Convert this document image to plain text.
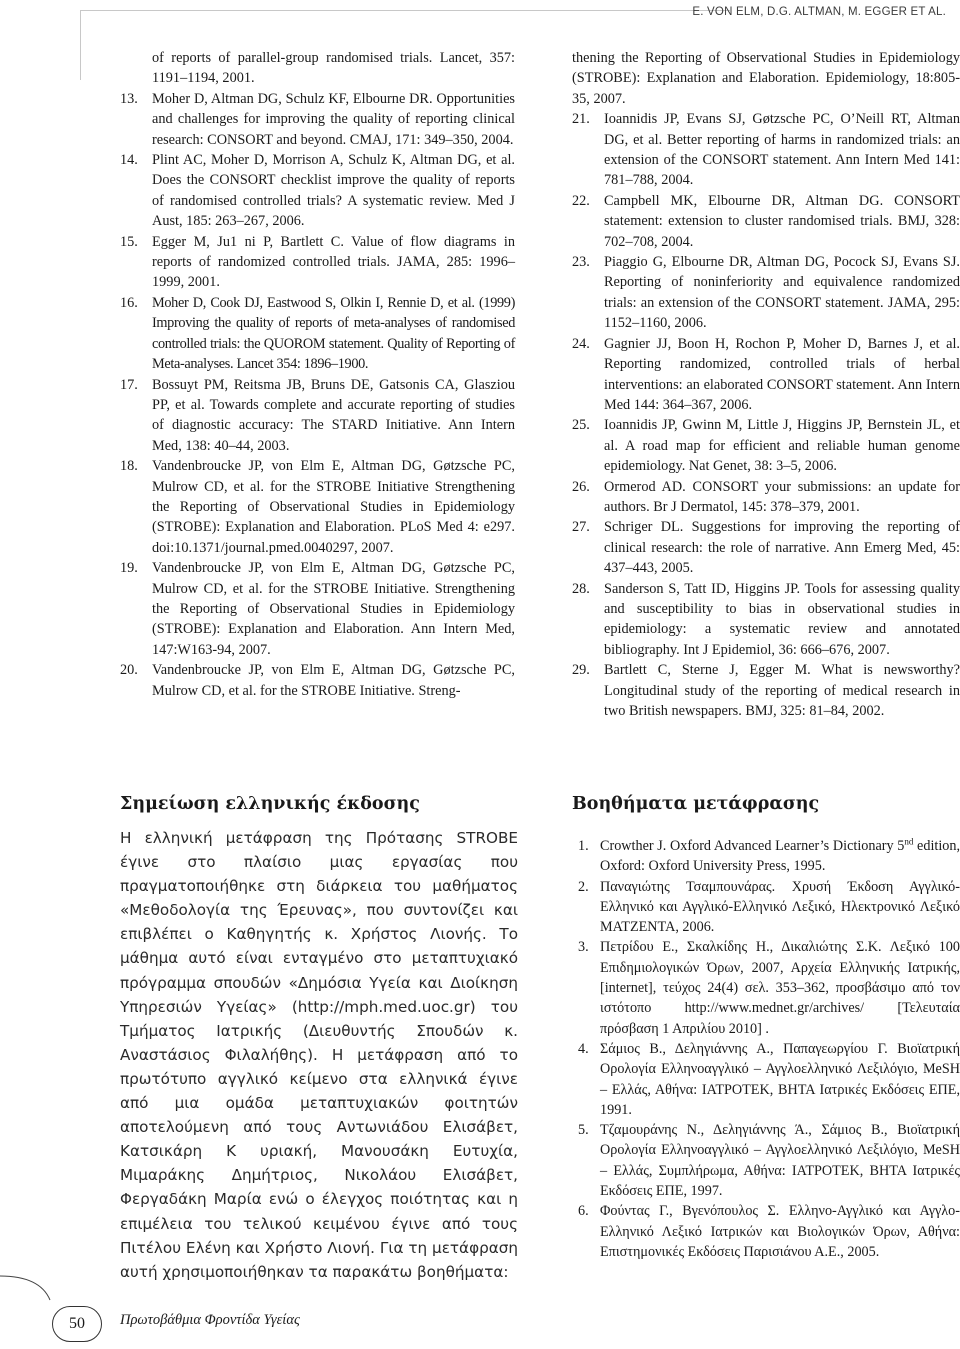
E. VON ELM, D.G. ALTMAN, M. EGGER ET AL.
of reports of parallel-group randomised trials. Lancet, 357: 1191–1194, 2001.
13. Moher D, Altman DG, Schulz KF, Elbourne DR. Opportunities and challenges for improving the quality of reporting clinical research: CONSORT and beyond. CMAJ, 171: 349–350, 2004.
14. Plint AC, Moher D, Morrison A, Schulz K, Altman DG, et al. Does the CONSORT checklist improve the quality of reports of randomised controlled trials? A systematic review. Med J Aust, 185: 263–267, 2006.
15. Egger M, Ju1 ni P, Bartlett C. Value of flow diagrams in reports of randomized controlled trials. JAMA, 285: 1996–1999, 2001.
16. Moher D, Cook DJ, Eastwood S, Olkin I, Rennie D, et al. (1999) Improving the quality of reports of meta-analyses of randomised controlled trials: the QUOROM statement. Quality of Reporting of Meta-analyses. Lancet 354: 1896–1900.
17. Bossuyt PM, Reitsma JB, Bruns DE, Gatsonis CA, Glasziou PP, et al. Towards complete and accurate reporting of studies of diagnostic accuracy: The STARD Initiative. Ann Intern Med, 138: 40–44, 2003.
18. Vandenbroucke JP, von Elm E, Altman DG, Gøtzsche PC, Mulrow CD, et al. for the STROBE Initiative Strengthening the Reporting of Observational Studies in Epidemiology (STROBE): Explanation and Elaboration. PLoS Med 4: e297. doi:10.1371/journal.pmed.0040297, 2007.
19. Vandenbroucke JP, von Elm E, Altman DG, Gøtzsche PC, Mulrow CD, et al. for the STROBE Initiative. Strengthening the Reporting of Observational Studies in Epidemiology (STROBE): Explanation and Elaboration. Ann Intern Med, 147:W163-94, 2007.
20. Vandenbroucke JP, von Elm E, Altman DG, Gøtzsche PC, Mulrow CD, et al. for the STROBE Initiative. Streng-
thening the Reporting of Observational Studies in Epidemiology (STROBE): Explanation and Elaboration. Epidemiology, 18:805-35, 2007.
21. Ioannidis JP, Evans SJ, Gøtzsche PC, O’Neill RT, Altman DG, et al. Better reporting of harms in randomized trials: an extension of the CONSORT statement. Ann Intern Med 141: 781–788, 2004.
22. Campbell MK, Elbourne DR, Altman DG. CONSORT statement: extension to cluster randomised trials. BMJ, 328: 702–708, 2004.
23. Piaggio G, Elbourne DR, Altman DG, Pocock SJ, Evans SJ. Reporting of noninferiority and equivalence randomized trials: an extension of the CONSORT statement. JAMA, 295: 1152–1160, 2006.
24. Gagnier JJ, Boon H, Rochon P, Moher D, Barnes J, et al. Reporting randomized, controlled trials of herbal interventions: an elaborated CONSORT statement. Ann Intern Med 144: 364–367, 2006.
25. Ioannidis JP, Gwinn M, Little J, Higgins JP, Bernstein JL, et al. A road map for efficient and reliable human genome epidemiology. Nat Genet, 38: 3–5, 2006.
26. Ormerod AD. CONSORT your submissions: an update for authors. Br J Dermatol, 145: 378–379, 2001.
27. Schriger DL. Suggestions for improving the reporting of clinical research: the role of narrative. Ann Emerg Med, 45: 437–443, 2005.
28. Sanderson S, Tatt ID, Higgins JP. Tools for assessing quality and susceptibility to bias in observational studies in epidemiology: a systematic review and annotated bibliography. Int J Epidemiol, 36: 666–676, 2007.
29. Bartlett C, Sterne J, Egger M. What is newsworthy? Longitudinal study of the reporting of medical research in two British newspapers. BMJ, 325: 81–84, 2002.
Σημείωση ελληνικής έκδοσης
Η ελληνική μετάφραση της Πρότασης STROBE έγινε στο πλαίσιο μιας εργασίας που πραγματοποιήθηκε στη διάρκεια του μαθήματος «Μεθοδολογία της Έρευνας», που συντονίζει και επιβλέπει ο Καθηγητής κ. Χρήστος Λιονής. Το μάθημα αυτό είναι ενταγμένο στο μεταπτυχιακό πρόγραμμα σπουδών «Δημόσια Υγεία και Διοίκηση Υπηρεσιών Υγείας» (http://mph.med.uoc.gr) του Τμήματος Ιατρικής (Διευθυντής Σπουδών κ. Αναστάσιος Φιλαλήθης). Η μετάφραση από το πρωτότυπο αγγλικό κείμενο στα ελληνικά έγινε από μια ομάδα μεταπτυχιακών φοιτητών αποτελούμενη από τους Αντωνιάδου Ελισάβετ, Κατσικάρη Κ υριακή, Μανουσάκη Ευτυχία, Μιμαράκης Δημήτριος, Νικολάου Ελισάβετ, Φεργαδάκη Μαρία ενώ ο έλεγχος ποιότητας και η επιμέλεια του τελικού κειμένου έγινε από τους Πιτέλου Ελένη και Χρήστο Λιονή. Για τη μετάφραση αυτή χρησιμοποιήθηκαν τα παρακάτω βοηθήματα:
Βοηθήματα μετάφρασης
1. Crowther J. Oxford Advanced Learner’s Dictionary 5nd edition, Oxford: Oxford University Press, 1995.
2. Παναγιώτης Τσαμπουνάρας. Χρυσή Έκδοση Αγγλικό-Ελληνικό και Αγγλικό-Ελληνικό Λεξικό, Ηλεκτρονικό Λεξικό ΜΑΤΖΕΝΤΑ, 2006.
3. Πετρίδου Ε., Σκαλκίδης Η., Δικαλιώτης Σ.Κ. Λεξικό 100 Επιδημιολογικών Όρων, 2007, Αρχεία Ελληνικής Ιατρικής, [internet], τεύχος 24(4) σελ. 353–362, προσβάσιμο από τον ιστότοπο http://www.mednet.gr/archives/ [Τελευταία πρόσβαση 1 Απριλίου 2010] .
4. Σάμιος Β., Δεληγιάννης Α., Παπαγεωργίου Γ. Βιοϊατρική Ορολογία Ελληνοαγγλικό – Αγγλοελληνικό Λεξιλόγιο, MeSH – Ελλάς, Αθήνα: ΙΑΤΡΟΤΕΚ, ΒΗΤΑ Ιατρικές Εκδόσεις ΕΠΕ, 1991.
5. Τζαμουράνης Ν., Δεληγιάννης Ά., Σάμιος Β., Βιοϊατρική Ορολογία Ελληνοαγγλικό – Αγγλοελληνικό Λεξιλόγιο, MeSH – Ελλάς, Συμπλήρωμα, Αθήνα: ΙΑΤΡΟΤΕΚ, ΒΗΤΑ Ιατρικές Εκδόσεις ΕΠΕ, 1997.
6. Φούντας Γ., Βγενόπουλος Σ. Ελληνο-Αγγλικό και Αγγλο-Ελληνικό Λεξικό Ιατρικών και Βιολογικών Όρων, Αθήνα: Επιστημονικές Εκδόσεις Παρισιάνου Α.Ε., 2005.
50	Πρωτοβάθμια Φροντίδα Υγείας
